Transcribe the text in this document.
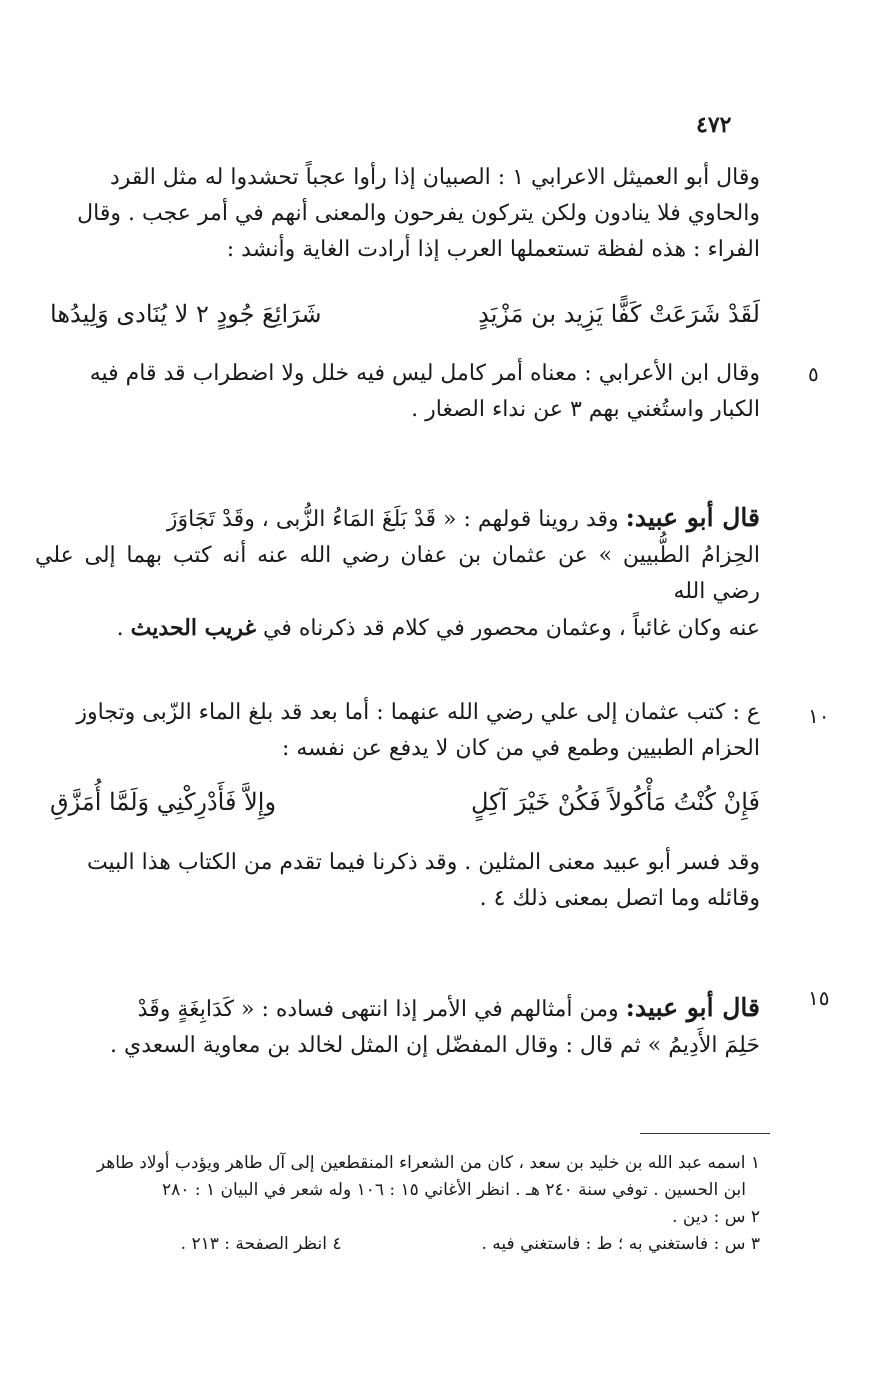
٤٧٢
وقال أبو العميثل الاعرابي ١ : الصبيان إذا رأوا عجباً تحشدوا له مثل القرد
والحاوي فلا ينادون ولكن يتركون يفرحون والمعنى أنهم في أمر عجب . وقال
الفراء : هذه لفظة تستعملها العرب إذا أرادت الغاية وأنشد :
لَقَدْ شَرَعَتْ كَفًّا يَزِيد بن مَزْيَدٍ
شَرَائِعَ جُودٍ ٢ لا يُنَادى وَلِيدُها
٥
وقال ابن الأعرابي : معناه أمر كامل ليس فيه خلل ولا اضطراب قد قام فيه
الكبار واستُغني بهم ٣ عن نداء الصغار .
قال أبو عبيد: وقد روينا قولهم : « قَدْ بَلَغَ المَاءُ الزُّبى ، وقَدْ تَجَاوَزَ
الحِزامُ الطُّبيين » عن عثمان بن عفان رضي الله عنه أنه كتب بهما إلى علي رضي الله
عنه وكان غائباً ، وعثمان محصور في كلام قد ذكرناه في غريب الحديث .
١٠
ع : كتب عثمان إلى علي رضي الله عنهما : أما بعد قد بلغ الماء الزّبى وتجاوز
الحزام الطبيين وطمع في من كان لا يدفع عن نفسه :
فَإِنْ كُنْتُ مَأْكُولاً فَكُنْ خَيْرَ آكِلٍ
وإِلاَّ فَأَدْرِكْنِي وَلَمَّا أُمَزَّقِ
وقد فسر أبو عبيد معنى المثلين . وقد ذكرنا فيما تقدم من الكتاب هذا البيت
وقائله وما اتصل بمعنى ذلك ٤ .
١٥
قال أبو عبيد: ومن أمثالهم في الأمر إذا انتهى فساده : « كَدَابِغَةٍ وقَدْ
حَلِمَ الأَدِيمُ » ثم قال : وقال المفضّل إن المثل لخالد بن معاوية السعدي .
١ اسمه عبد الله بن خليد بن سعد ، كان من الشعراء المنقطعين إلى آل طاهر ويؤدب أولاد طاهر
ابن الحسين . توفي سنة ٢٤٠ هـ . انظر الأغاني ١٥ : ١٠٦ وله شعر في البيان ١ : ٢٨٠
٢ س : دين .
٣ س : فاستغني به ؛ ط : فاستغني فيه .٤ انظر الصفحة : ٢١٣ .
